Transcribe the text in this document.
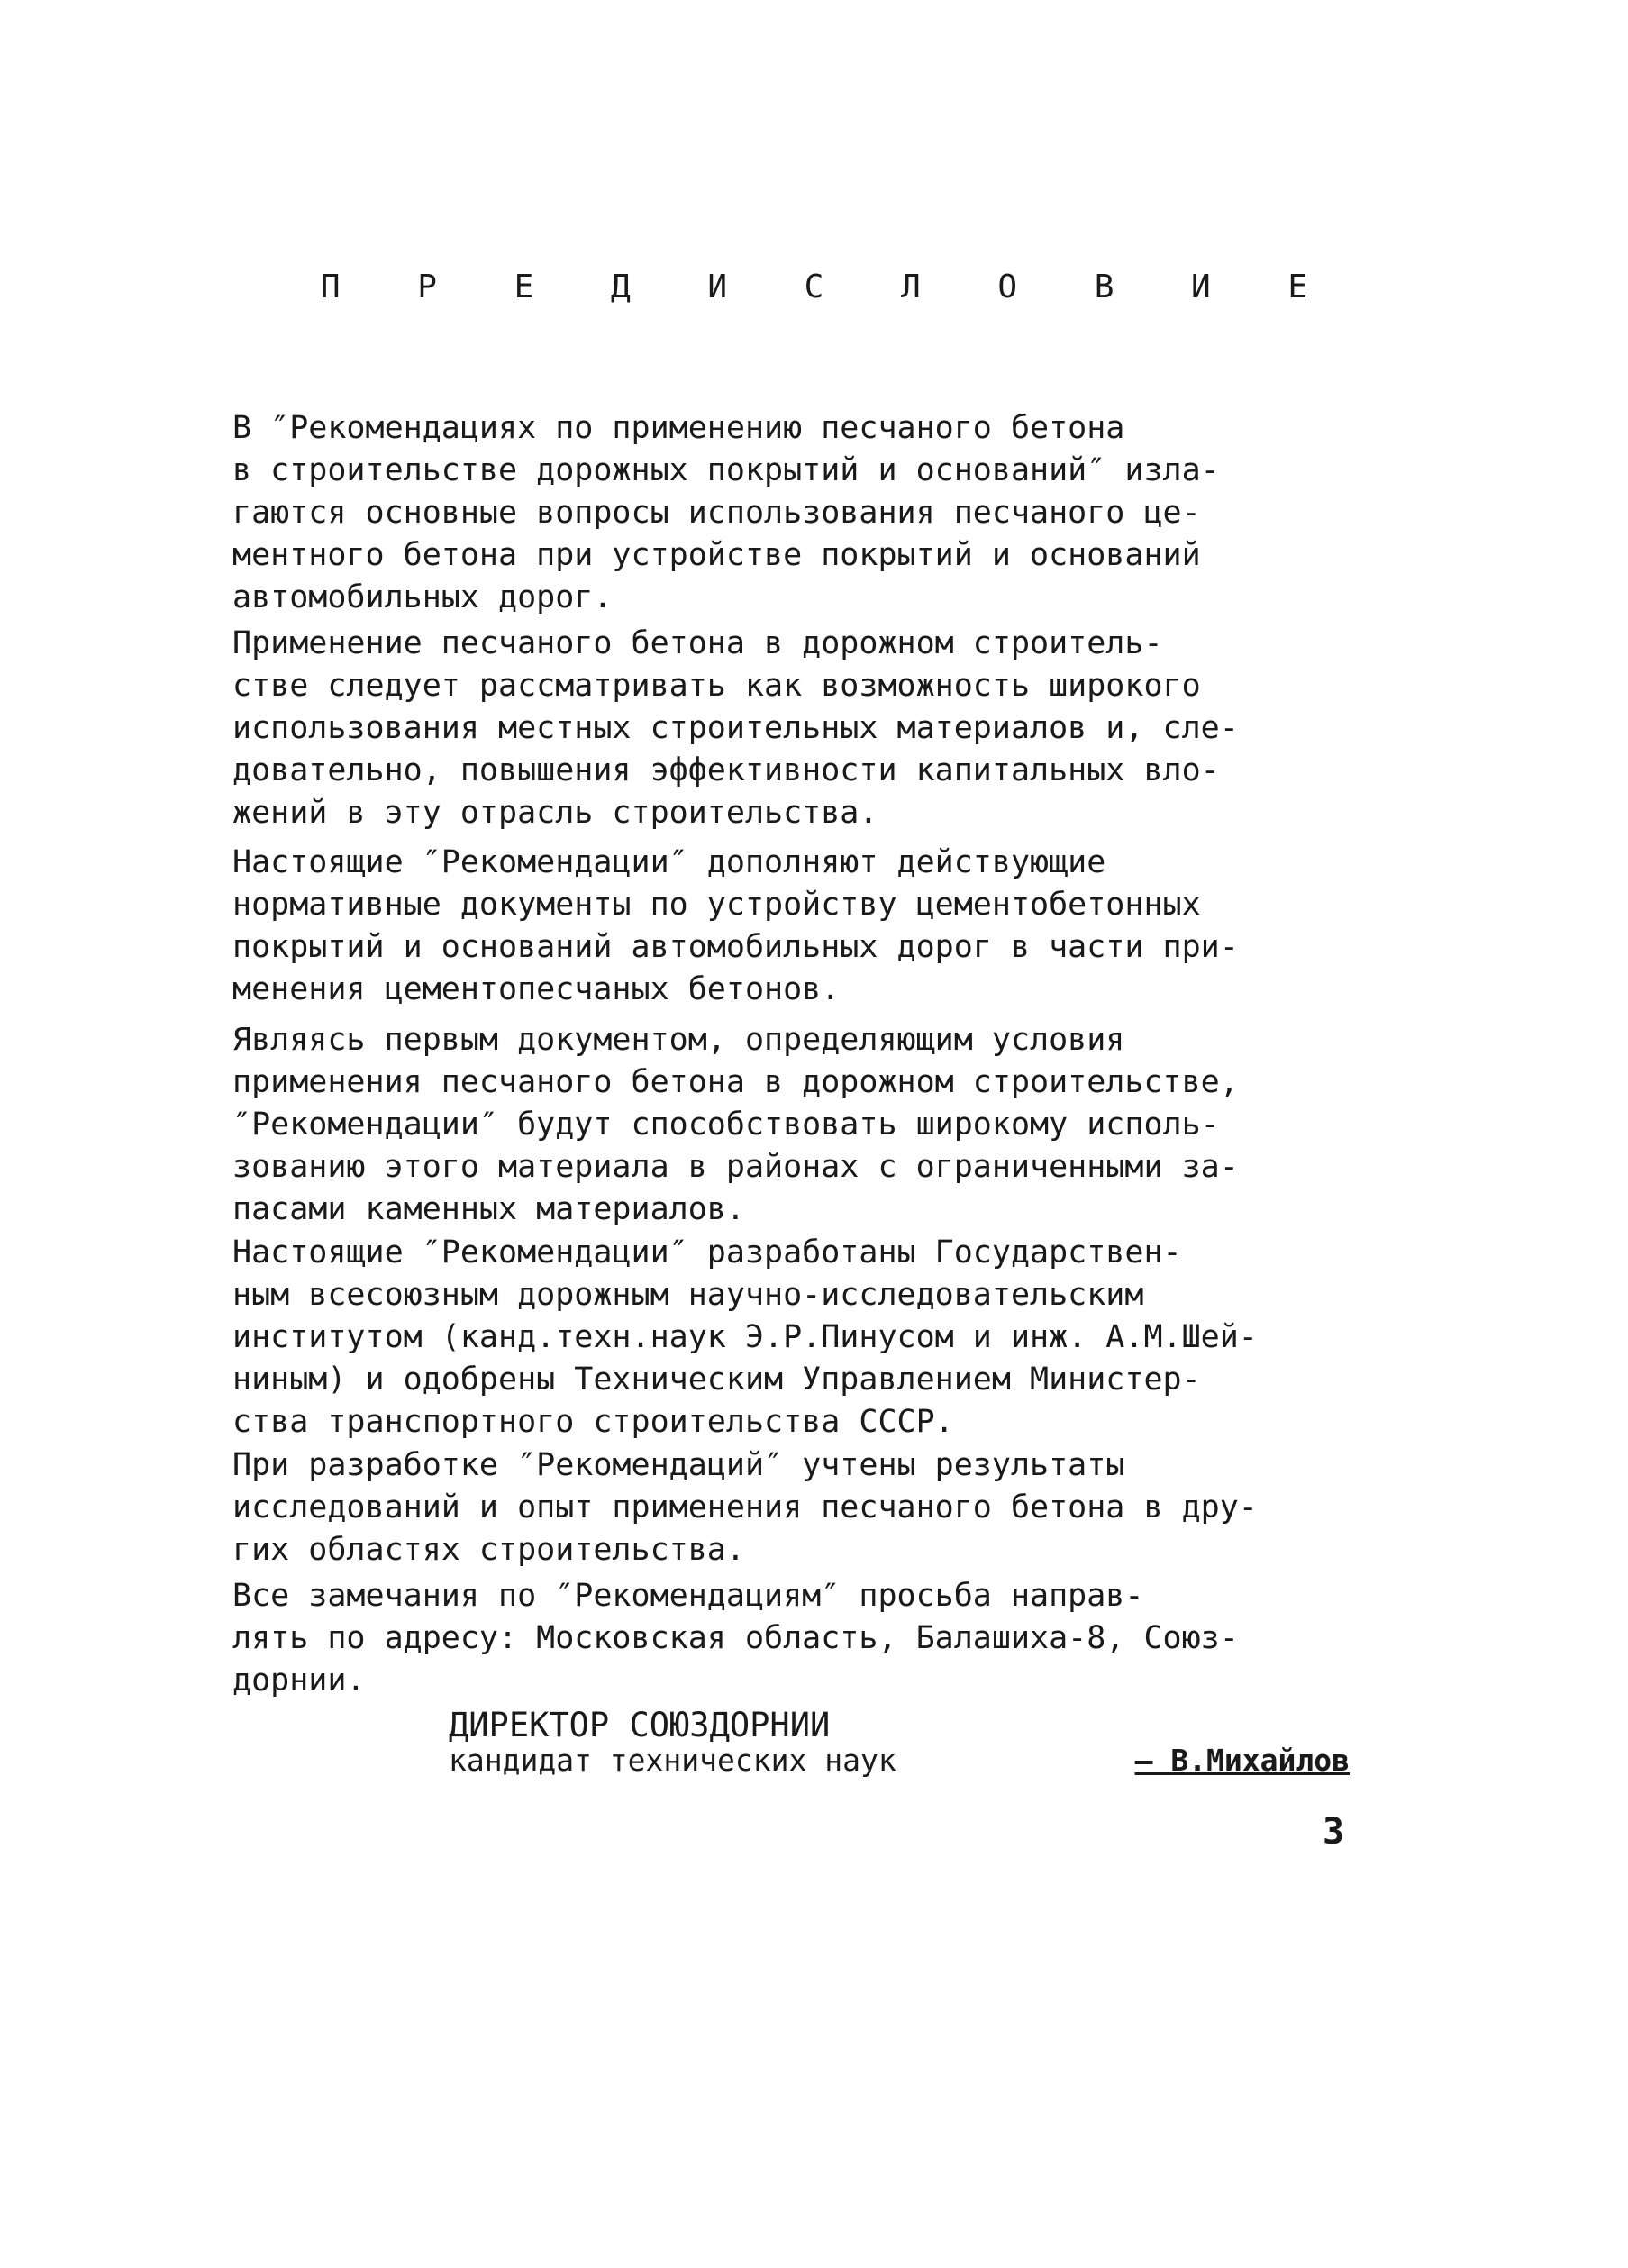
П Р Е Д И С Л О В И Е

В ″Рекомендациях по применению песчаного бетона
в строительстве дорожных покрытий и оснований″ изла-
гаются основные вопросы использования песчаного це-
ментного бетона при устройстве покрытий и оснований
автомобильных дорог.

Применение песчаного бетона в дорожном строитель-
стве следует рассматривать как возможность широкого
использования местных строительных материалов и, сле-
довательно, повышения эффективности капитальных вло-
жений в эту отрасль строительства.

Настоящие ″Рекомендации″ дополняют действующие
нормативные документы по устройству цементобетонных
покрытий и оснований автомобильных дорог в части при-
менения цементопесчаных бетонов.

Являясь первым документом, определяющим условия
применения песчаного бетона в дорожном строительстве,
″Рекомендации″ будут способствовать широкому исполь-
зованию этого материала в районах с ограниченными за-
пасами каменных материалов.

Настоящие ″Рекомендации″ разработаны Государствен-
ным всесоюзным дорожным научно-исследовательским
институтом (канд.техн.наук Э.Р.Пинусом и инж. А.М.Шей-
ниным) и одобрены Техническим Управлением Министер-
ства транспортного строительства СССР.

При разработке ″Рекомендаций″ учтены результаты
исследований и опыт применения песчаного бетона в дру-
гих областях строительства.

Все замечания по ″Рекомендациям″ просьба направ-
лять по адресу: Московская область, Балашиха-8, Союз-
дорнии.

ДИРЕКТОР СОЮЗДОРНИИ

кандидат технических наук	– В.Михайлов

3
